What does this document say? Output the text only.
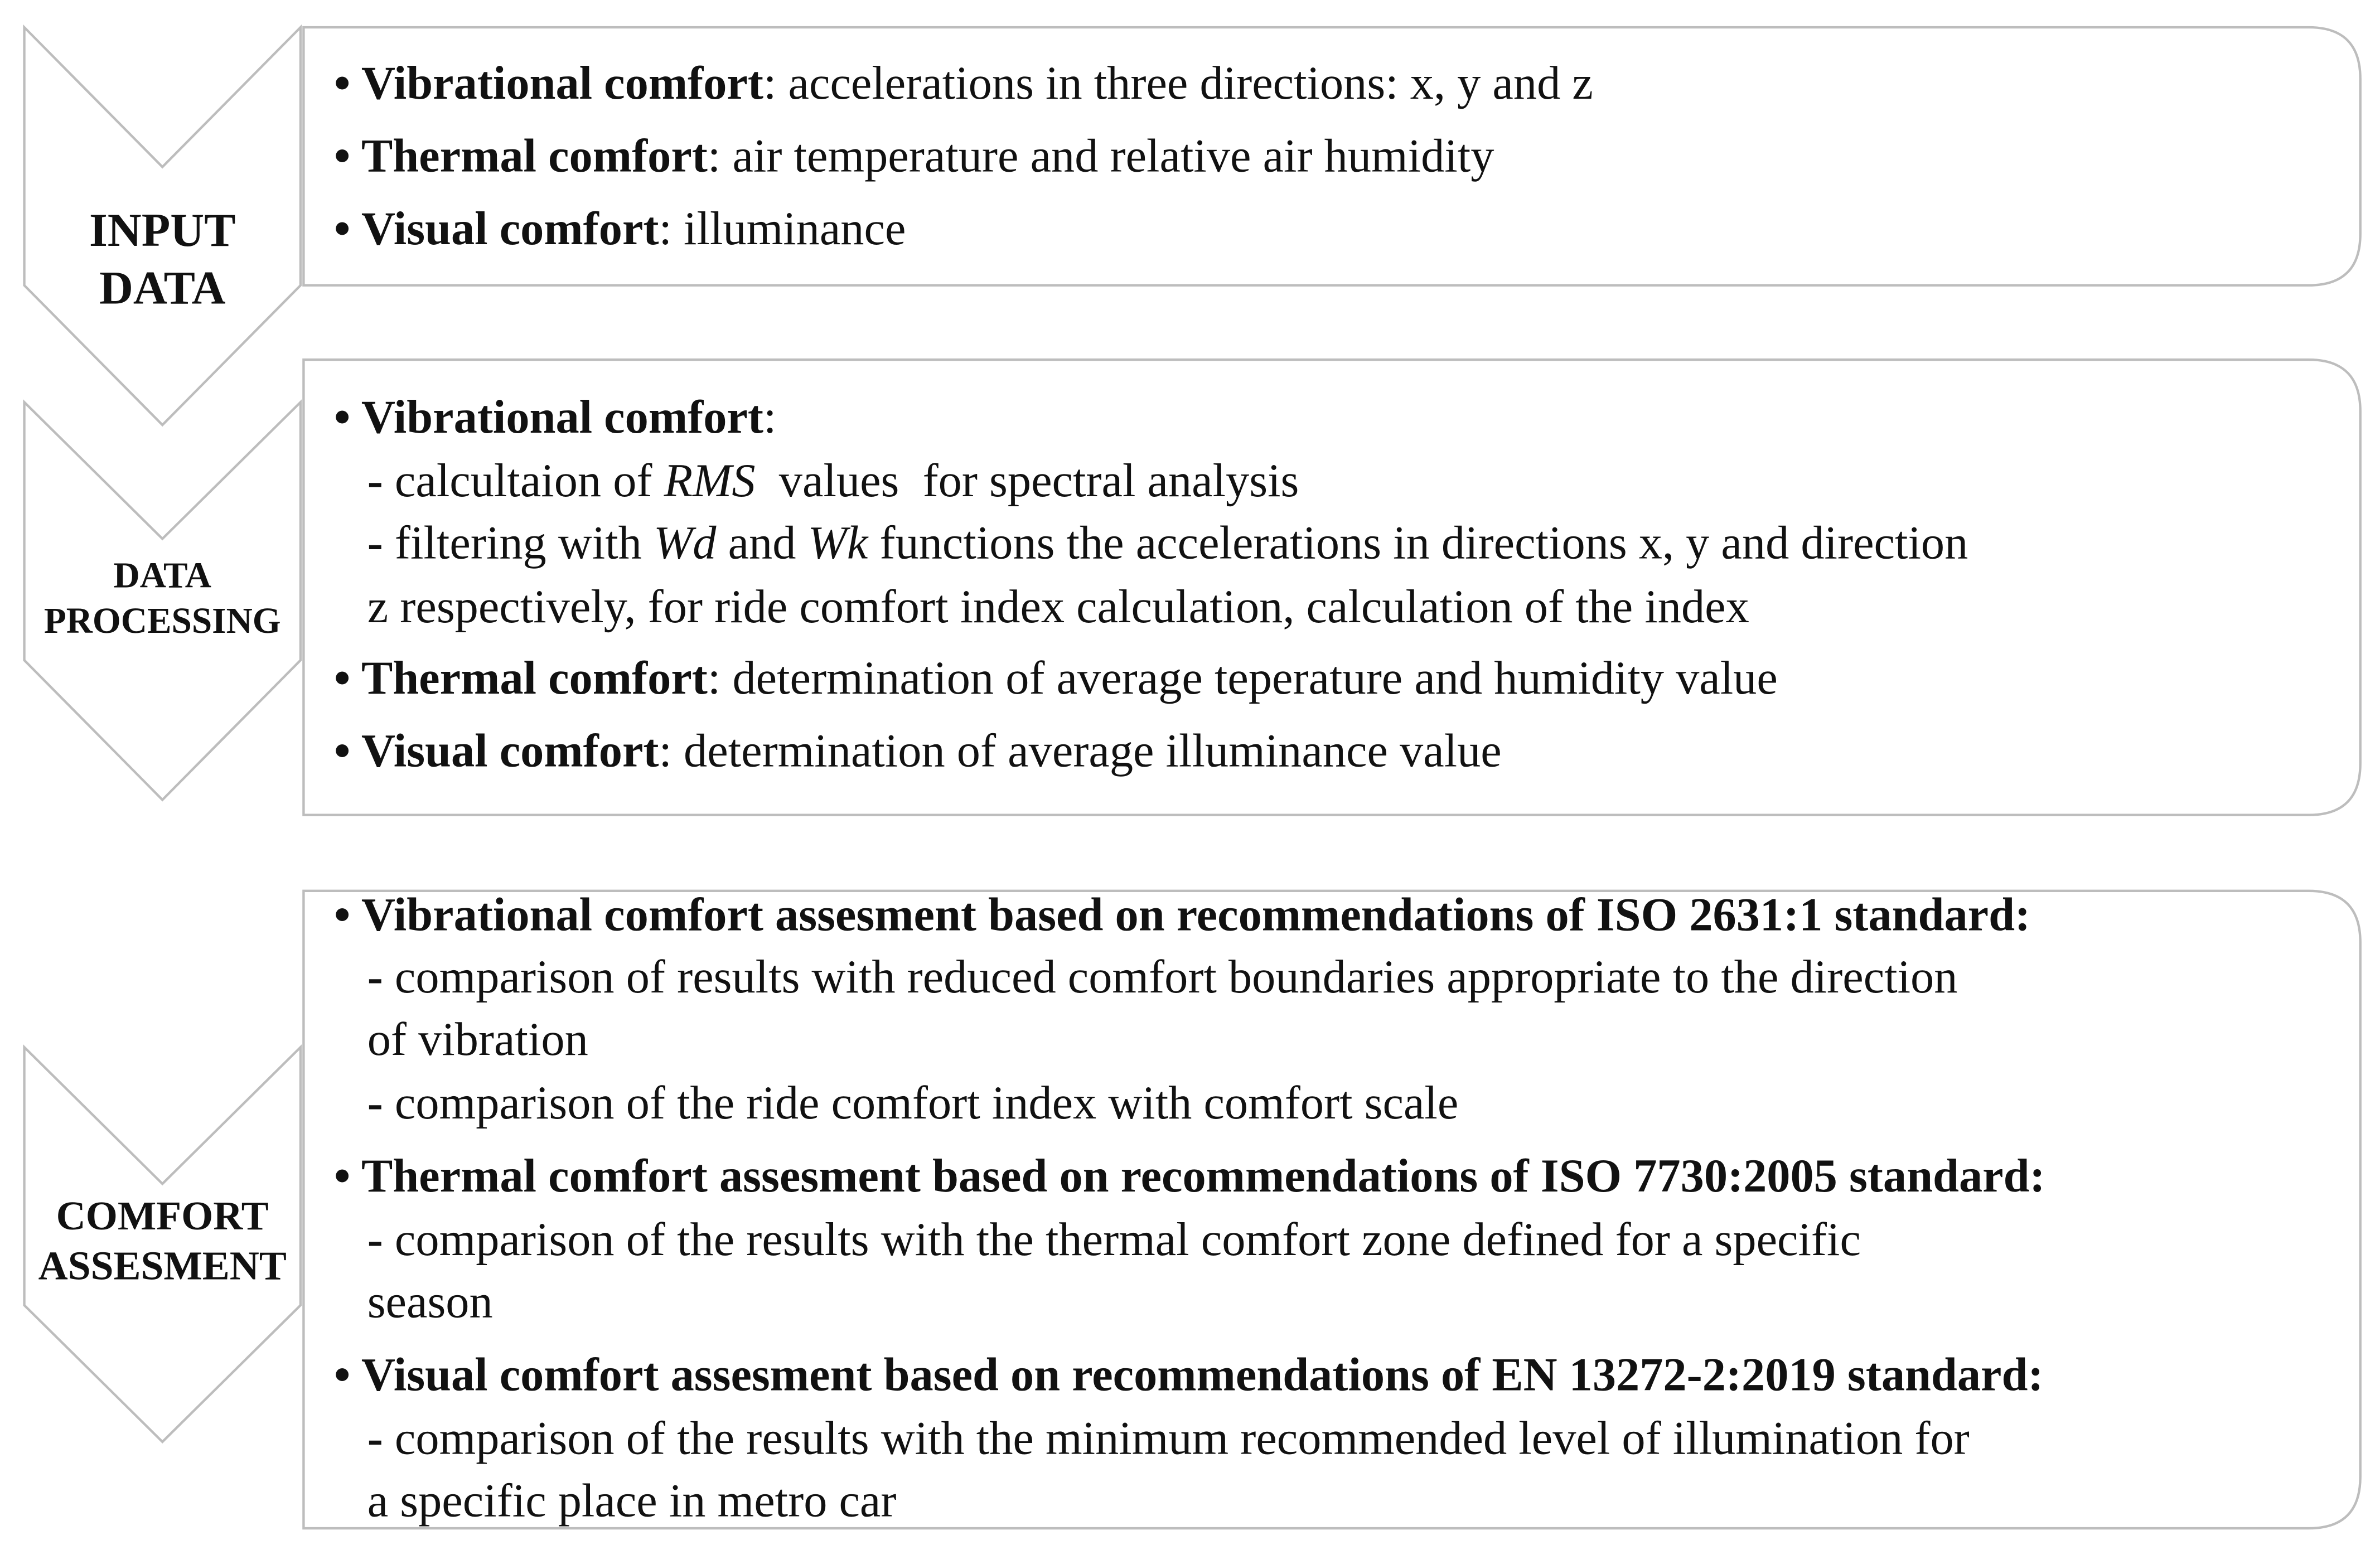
INPUT
DATA
• Vibrational comfort: accelerations in three directions: x, y and z
• Thermal comfort: air temperature and relative air humidity
• Visual comfort: illuminance
DATA
PROCESSING
• Vibrational comfort:
- calcultaion of RMS  values  for spectral analysis
- filtering with Wd and Wk functions the accelerations in directions x, y and direction
z respectively, for ride comfort index calculation, calculation of the index
• Thermal comfort: determination of average teperature and humidity value
• Visual comfort: determination of average illuminance value
COMFORT
ASSESMENT
• Vibrational comfort assesment based on recommendations of ISO 2631:1 standard:
- comparison of results with reduced comfort boundaries appropriate to the direction
of vibration
- comparison of the ride comfort index with comfort scale
• Thermal comfort assesment based on recommendations of ISO 7730:2005 standard:
- comparison of the results with the thermal comfort zone defined for a specific
season
• Visual comfort assesment based on recommendations of EN 13272-2:2019 standard:
- comparison of the results with the minimum recommended level of illumination for
a specific place in metro car
